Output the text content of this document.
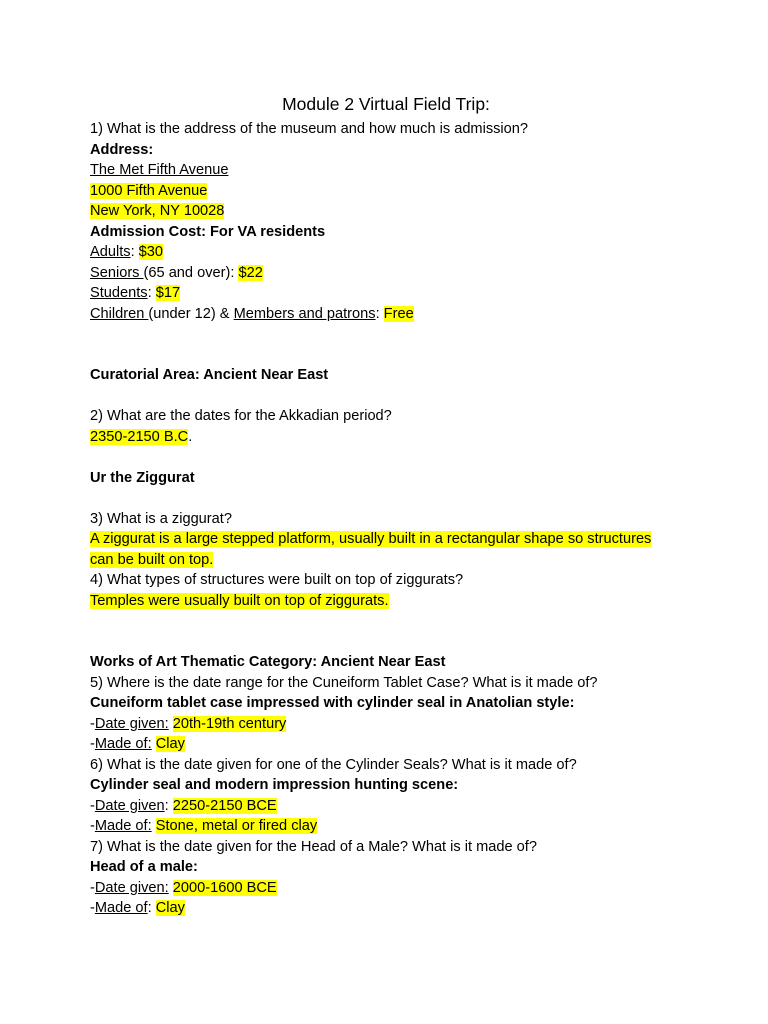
Module 2 Virtual Field Trip:
1) What is the address of the museum and how much is admission?
Address:
The Met Fifth Avenue
1000 Fifth Avenue
New York, NY 10028
Admission Cost: For VA residents
Adults: $30
Seniors (65 and over): $22
Students: $17
Children (under 12) & Members and patrons: Free
Curatorial Area: Ancient Near East
2) What are the dates for the Akkadian period?
2350-2150 B.C.
Ur the Ziggurat
3) What is a ziggurat?
A ziggurat is a large stepped platform, usually built in a rectangular shape so structures
can be built on top.
4) What types of structures were built on top of ziggurats?
Temples were usually built on top of ziggurats.
Works of Art Thematic Category: Ancient Near East
5) Where is the date range for the Cuneiform Tablet Case? What is it made of?
Cuneiform tablet case impressed with cylinder seal in Anatolian style:
-Date given: 20th-19th century
-Made of: Clay
6) What is the date given for one of the Cylinder Seals? What is it made of?
Cylinder seal and modern impression hunting scene:
-Date given: 2250-2150 BCE
-Made of: Stone, metal or fired clay
7) What is the date given for the Head of a Male? What is it made of?
Head of a male:
-Date given: 2000-1600 BCE
-Made of: Clay
